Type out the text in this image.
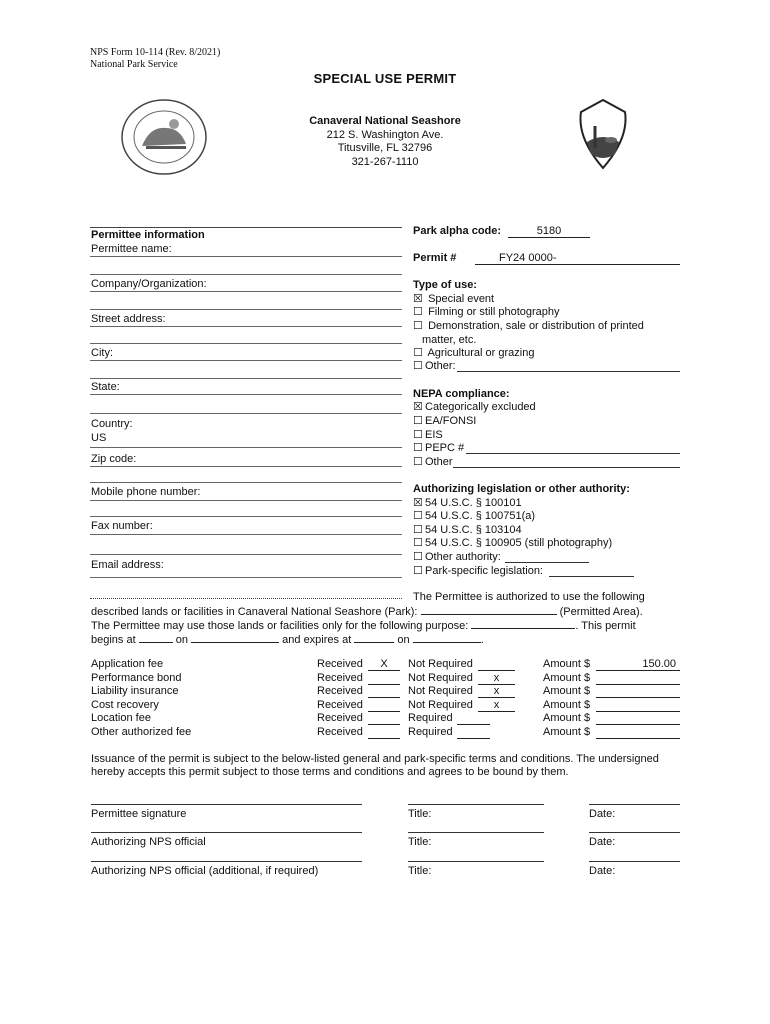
NPS Form 10-114 (Rev. 8/2021)
National Park Service
SPECIAL USE PERMIT
Canaveral National Seashore
212 S. Washington Ave.
Titusville, FL 32796
321-267-1110
Permittee information
Permittee name:
Company/Organization:
Street address:
City:
State:
Country:
US
Zip code:
Mobile phone number:
Fax number:
Email address:
Park alpha code:	5180
Permit #	FY24 0000-
Type of use:
☒ Special event
☐ Filming or still photography
☐ Demonstration, sale or distribution of printed
matter, etc.
☐ Agricultural or grazing
☐ Other:
NEPA compliance:
☒ Categorically excluded
☐ EA/FONSI
☐ EIS
☐ PEPC #
☐ Other
Authorizing legislation or other authority:
☒ 54 U.S.C. § 100101
☐ 54 U.S.C. § 100751(a)
☐ 54 U.S.C. § 103104
☐ 54 U.S.C. § 100905 (still photography)
☐ Other authority:
☐ Park-specific legislation:
The Permittee is authorized to use the following
described lands or facilities in Canaveral National Seashore (Park):	(Permitted Area).
The Permittee may use those lands or facilities only for the following purpose:	. This permit
begins at	on	and expires at	on	.
Application fee	Received	X	Not Required	Amount $	150.00
Performance bond	Received	Not Required	x	Amount $
Liability insurance	Received	Not Required	x	Amount $
Cost recovery	Received	Not Required	x	Amount $
Location fee	Received	Required	Amount $
Other authorized fee	Received	Required	Amount $
Issuance of the permit is subject to the below-listed general and park-specific terms and conditions. The undersigned
hereby accepts this permit subject to those terms and conditions and agrees to be bound by them.
Permittee signature	Title:	Date:
Authorizing NPS official	Title:	Date:
Authorizing NPS official (additional, if required)	Title:	Date:
